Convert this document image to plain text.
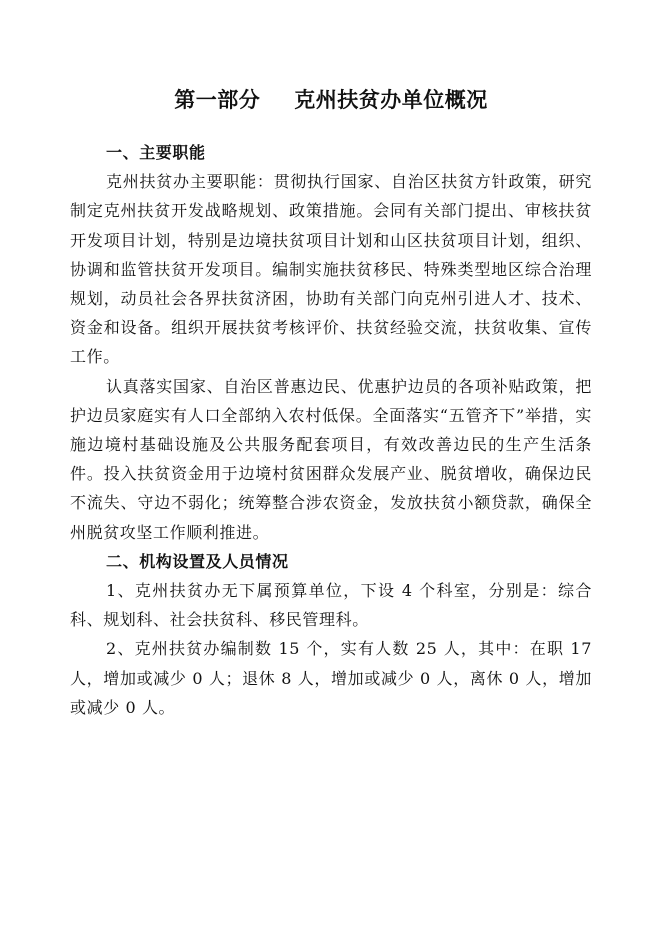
第一部分 克州扶贫办单位概况

一、主要职能

克州扶贫办主要职能：贯彻执行国家、自治区扶贫方针政策，研究制定克州扶贫开发战略规划、政策措施。会同有关部门提出、审核扶贫开发项目计划，特别是边境扶贫项目计划和山区扶贫项目计划，组织、协调和监管扶贫开发项目。编制实施扶贫移民、特殊类型地区综合治理规划，动员社会各界扶贫济困，协助有关部门向克州引进人才、技术、资金和设备。组织开展扶贫考核评价、扶贫经验交流，扶贫收集、宣传工作。

认真落实国家、自治区普惠边民、优惠护边员的各项补贴政策，把护边员家庭实有人口全部纳入农村低保。全面落实“五管齐下”举措，实施边境村基础设施及公共服务配套项目，有效改善边民的生产生活条件。投入扶贫资金用于边境村贫困群众发展产业、脱贫增收，确保边民不流失、守边不弱化；统筹整合涉农资金，发放扶贫小额贷款，确保全州脱贫攻坚工作顺利推进。

二、机构设置及人员情况

1、克州扶贫办无下属预算单位，下设 4 个科室，分别是：综合科、规划科、社会扶贫科、移民管理科。

2、克州扶贫办编制数 15 个，实有人数 25 人，其中：在职 17 人，增加或减少 0 人；退休 8 人，增加或减少 0 人，离休 0 人，增加或减少 0 人。
